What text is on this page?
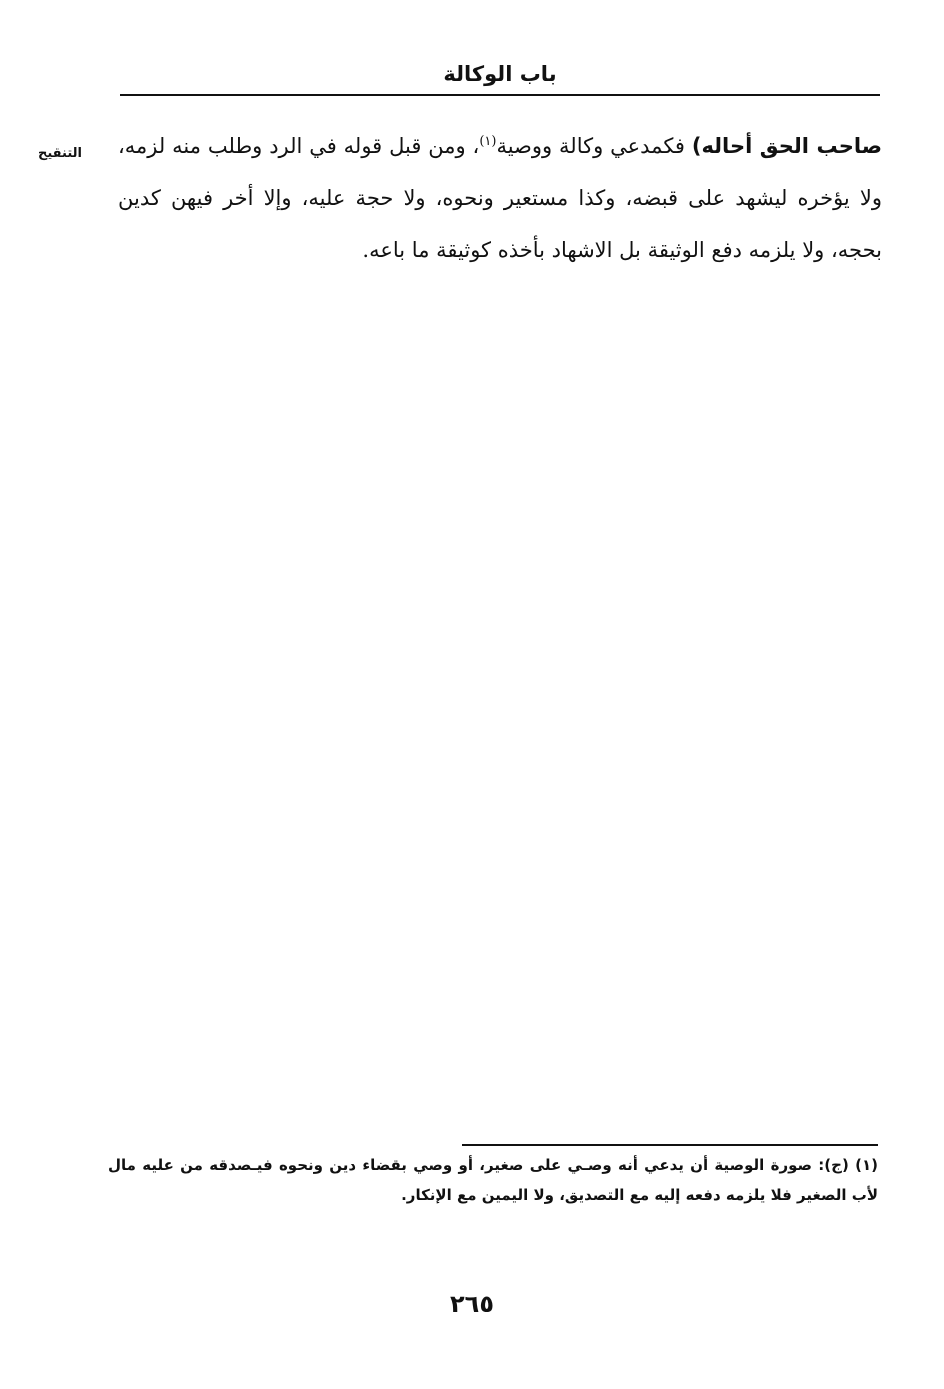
باب الوكالة
التنقيح	صاحب الحق أحاله) فكمدعي وكالة ووصية$^{(١)}$، ومن قبل قوله في الرد وطلب منه لزمه، ولا يؤخره ليشهد على قبضه، وكذا مستعير ونحوه، ولا حجة عليه، وإلا أخر فيهن كدين بحجه، ولا يلزمه دفع الوثيقة بل الاشهاد بأخذه كوثيقة ما باعه.
(١) (ج): صورة الوصية أن يدعي أنه وصـي على صغير، أو وصي بقضاء دين ونحوه فيـصدقه من عليه مال لأب الصغير فلا يلزمه دفعه إليه مع التصديق، ولا اليمين مع الإنكار.
٢٦٥
